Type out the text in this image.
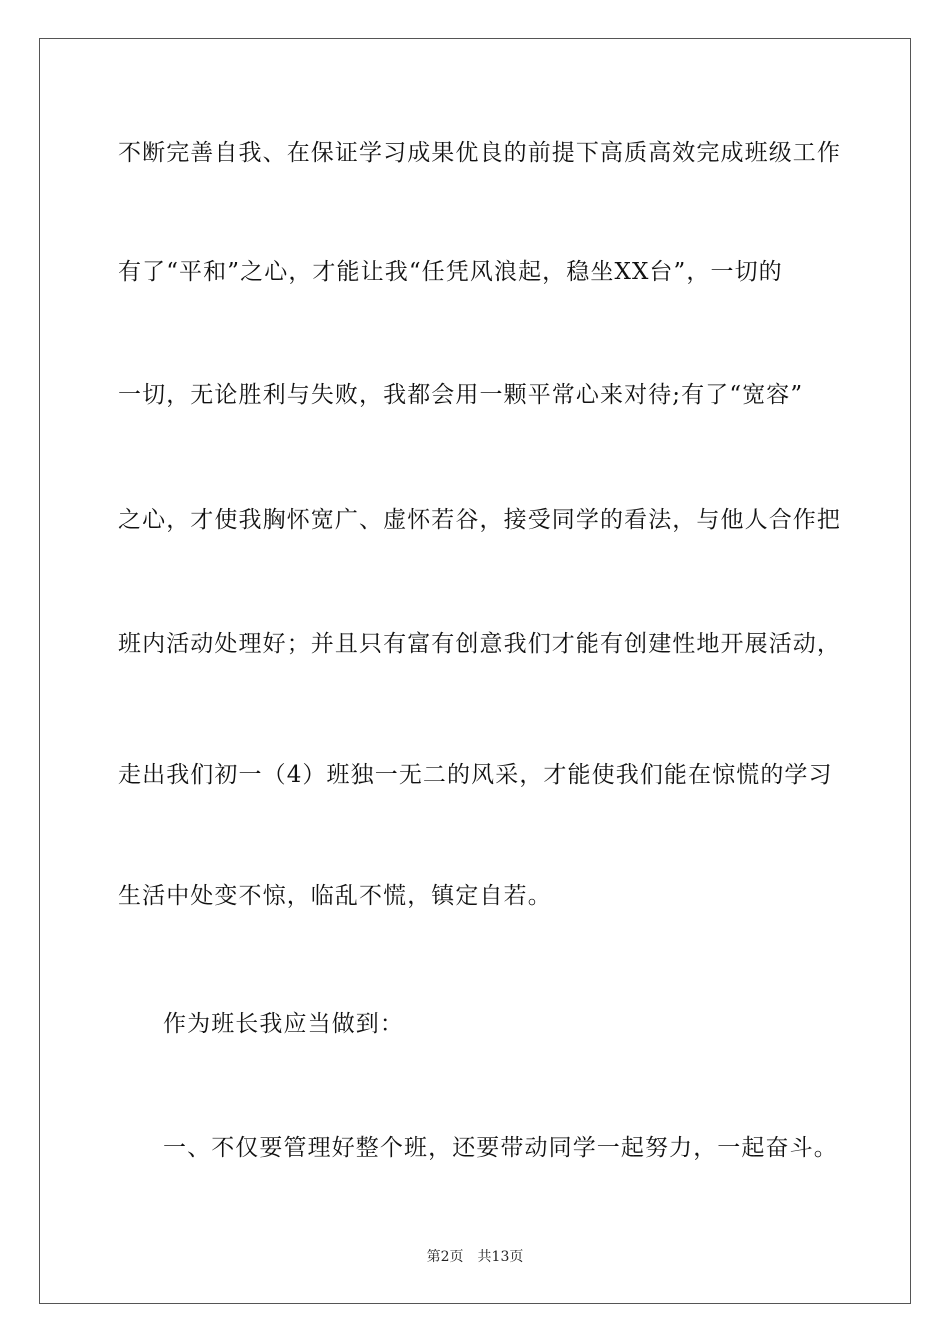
不断完善自我、在保证学习成果优良的前提下高质高效完成班级工作
有了“平和”之心，才能让我“任凭风浪起，稳坐XX台”，一切的
一切，无论胜利与失败，我都会用一颗平常心来对待;有了“宽容”
之心，才使我胸怀宽广、虚怀若谷，接受同学的看法，与他人合作把
班内活动处理好；并且只有富有创意我们才能有创建性地开展活动，
走出我们初一（4）班独一无二的风采，才能使我们能在惊慌的学习
生活中处变不惊，临乱不慌，镇定自若。
作为班长我应当做到：
一、不仅要管理好整个班，还要带动同学一起努力，一起奋斗。
第2页 共13页
